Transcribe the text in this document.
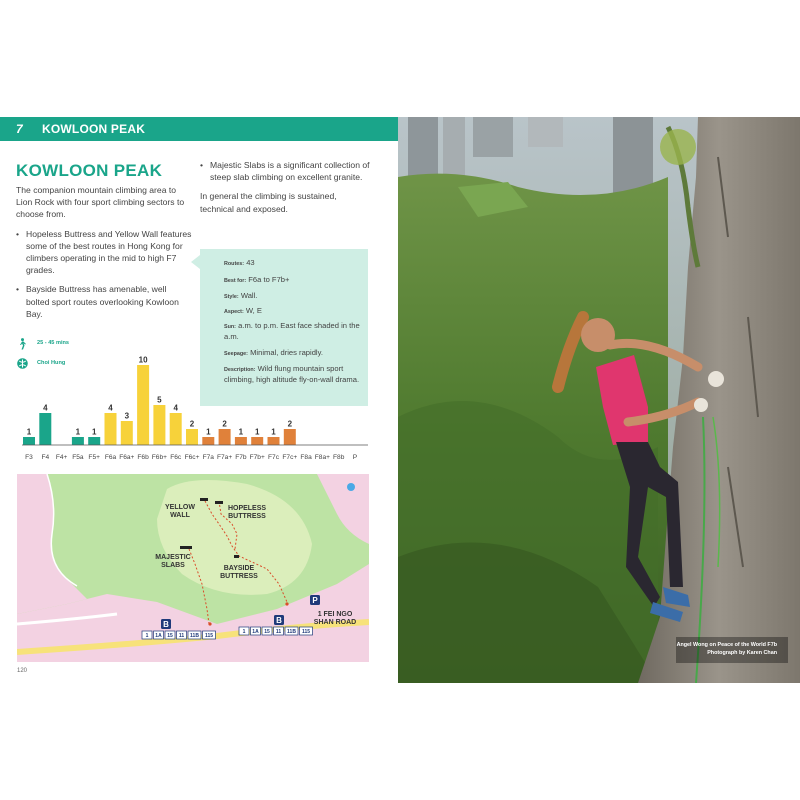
7	KOWLOON PEAK
KOWLOON PEAK

The companion mountain climbing area to Lion Rock with four sport climbing sectors to choose from.

• Hopeless Buttress and Yellow Wall features some of the best routes in Hong Kong for climbers operating in the mid to high F7 grades.
• Bayside Buttress has amenable, well bolted sport routes overlooking Kowloon Bay.
• Majestic Slabs is a significant collection of steep slab climbing on excellent granite.

In general the climbing is sustained, technical and exposed.

Routes: 43
Best for: F6a to F7b+
Style: Wall.
Aspect: W, E
Sun: a.m. to p.m. East face shaded in the a.m.
Seepage: Minimal, dries rapidly.
Description: Wild flung mountain sport climbing, high altitude fly-on-wall drama.
25 - 45 mins
Choi Hung
1
4
1 1
4
3
10
5
4
2
1
2
1 1 1
2
F3 F4 F4+ F5a F5+ F6a F6a+ F6b F6b+ F6c F6c+ F7a F7a+ F7b F7b+ F7c F7c+ F8a F8a+ F8b P
YELLOW WALL
HOPELESS BUTTRESS
MAJESTIC SLABS	BAYSIDE BUTTRESS
1 FEI NGO SHAN ROAD
P
B	B
1 1A 15 11 11B 115
1 1A 15 11 11B 115
120
Angel Wong on Peace of the World F7b
Photograph by Karen Chan
